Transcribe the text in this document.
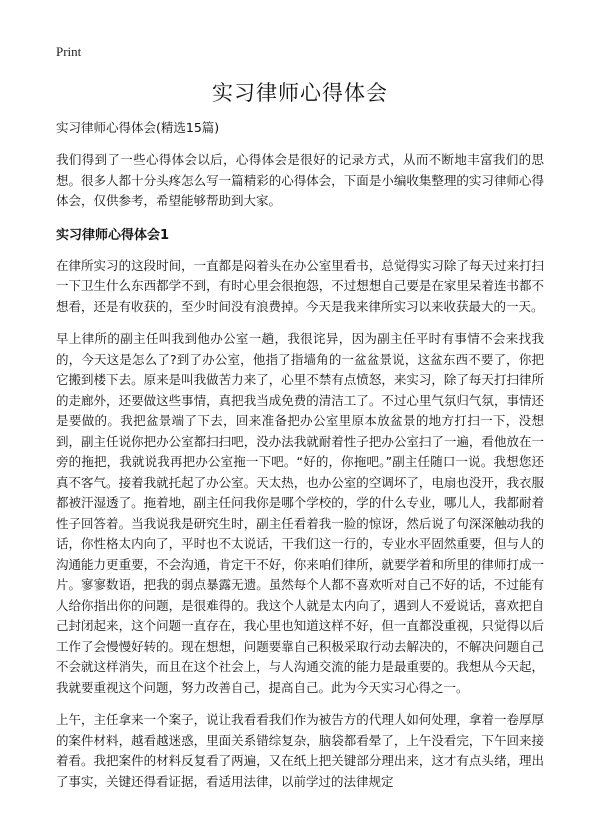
Print
实习律师心得体会
实习律师心得体会(精选15篇)

我们得到了一些心得体会以后，心得体会是很好的记录方式，从而不断地丰富我们的思想。很多人都十分头疼怎么写一篇精彩的心得体会，下面是小编收集整理的实习律师心得体会，仅供参考，希望能够帮助到大家。

实习律师心得体会1

在律所实习的这段时间，一直都是闷着头在办公室里看书，总觉得实习除了每天过来打扫一下卫生什么东西都学不到，有时心里会很抱怨，不过想想自己要是在家里呆着连书都不想看，还是有收获的，至少时间没有浪费掉。今天是我来律所实习以来收获最大的一天。

早上律所的副主任叫我到他办公室一趟，我很诧异，因为副主任平时有事情不会来找我的，今天这是怎么了?到了办公室，他指了指墙角的一盆盆景说，这盆东西不要了，你把它搬到楼下去。原来是叫我做苦力来了，心里不禁有点愤怒，来实习，除了每天打扫律所的走廊外，还要做这些事情，真把我当成免费的清洁工了。不过心里气氛归气氛，事情还是要做的。我把盆景端了下去，回来准备把办公室里原本放盆景的地方打扫一下，没想到，副主任说你把办公室都扫扫吧，没办法我就耐着性子把办公室扫了一遍，看他放在一旁的拖把，我就说我再把办公室拖一下吧。“好的，你拖吧。”副主任随口一说。我想您还真不客气。接着我就托起了办公室。天太热，也办公室的空调坏了，电扇也没开，我衣服都被汗湿透了。拖着地，副主任问我你是哪个学校的，学的什么专业，哪儿人，我都耐着性子回答着。当我说我是研究生时，副主任看着我一脸的惊讶，然后说了句深深触动我的话，你性格太内向了，平时也不太说话，干我们这一行的，专业水平固然重要，但与人的沟通能力更重要，不会沟通，肯定干不好，你来咱们律所，就要学着和所里的律师打成一片。寥寥数语，把我的弱点暴露无遗。虽然每个人都不喜欢听对自己不好的话，不过能有人给你指出你的问题，是很难得的。我这个人就是太内向了，遇到人不爱说话，喜欢把自己封闭起来，这个问题一直存在，我心里也知道这样不好，但一直都没重视，只觉得以后工作了会慢慢好转的。现在想想，问题要靠自己积极采取行动去解决的，不解决问题自己不会就这样消失，而且在这个社会上，与人沟通交流的能力是最重要的。我想从今天起，我就要重视这个问题，努力改善自己，提高自己。此为今天实习心得之一。

上午，主任拿来一个案子，说让我看看我们作为被告方的代理人如何处理，拿着一卷厚厚的案件材料，越看越迷惑，里面关系错综复杂，脑袋都看晕了，上午没看完，下午回来接着看。我把案件的材料反复看了两遍，又在纸上把关键部分理出来，这才有点头绪，理出了事实，关键还得看证据，看适用法律，以前学过的法律规定
